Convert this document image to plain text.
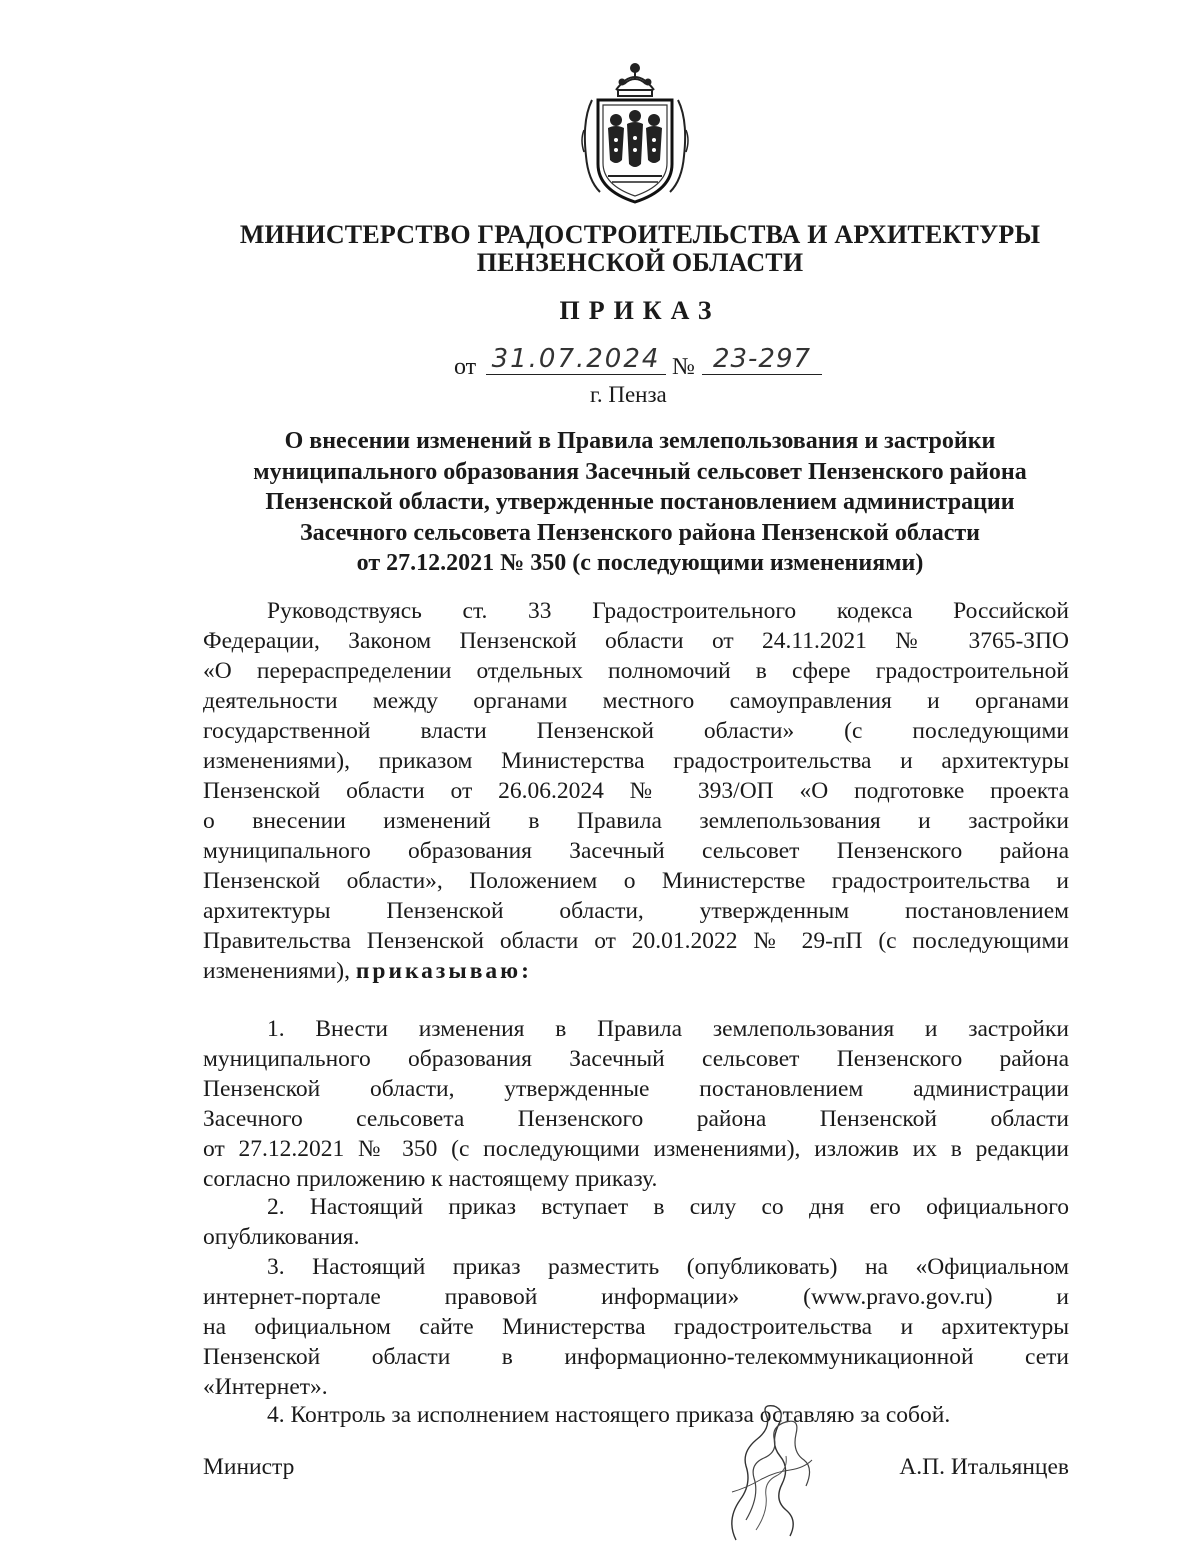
МИНИСТЕРСТВО ГРАДОСТРОИТЕЛЬСТВА И АРХИТЕКТУРЫ
ПЕНЗЕНСКОЙ ОБЛАСТИ
ПРИКАЗ
от 31.07.2024 № 23-297
г. Пенза
О внесении изменений в Правила землепользования и застройки
муниципального образования Засечный сельсовет Пензенского района
Пензенской области, утвержденные постановлением администрации
Засечного сельсовета Пензенского района Пензенской области
от 27.12.2021 № 350 (с последующими изменениями)
Руководствуясь ст. 33 Градостроительного кодекса Российской
Федерации, Законом Пензенской области от 24.11.2021 № 3765-ЗПО
«О перераспределении отдельных полномочий в сфере градостроительной
деятельности между органами местного самоуправления и органами
государственной власти Пензенской области» (с последующими
изменениями), приказом Министерства градостроительства и архитектуры
Пензенской области от 26.06.2024 № 393/ОП «О подготовке проекта
о внесении изменений в Правила землепользования и застройки
муниципального образования Засечный сельсовет Пензенского района
Пензенской области», Положением о Министерстве градостроительства и
архитектуры Пензенской области, утвержденным постановлением
Правительства Пензенской области от 20.01.2022 № 29-пП (с последующими
изменениями), приказываю:
1. Внести изменения в Правила землепользования и застройки
муниципального образования Засечный сельсовет Пензенского района
Пензенской области, утвержденные постановлением администрации
Засечного сельсовета Пензенского района Пензенской области
от 27.12.2021 № 350 (с последующими изменениями), изложив их в редакции
согласно приложению к настоящему приказу.
2. Настоящий приказ вступает в силу со дня его официального
опубликования.
3. Настоящий приказ разместить (опубликовать) на «Официальном
интернет-портале правовой информации» (www.pravo.gov.ru) и
на официальном сайте Министерства градостроительства и архитектуры
Пензенской области в информационно-телекоммуникационной сети
«Интернет».
4. Контроль за исполнением настоящего приказа оставляю за собой.
Министр	А.П. Итальянцев
